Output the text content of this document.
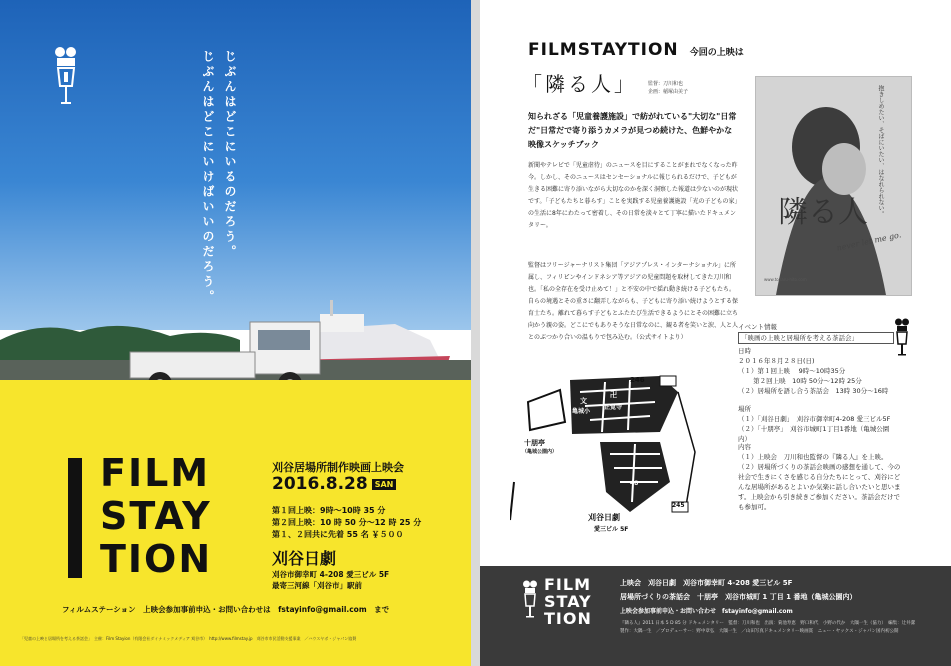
じぶんはどこにいるのだろう。
じぶんはどこにいけばいいのだろう。
FILM
STAY
TION
刈谷居場所制作映画上映会
2016.8.28 SAN
第１回上映：9時～10時 35 分
第２回上映：10 時 50 分～12 時 25 分
第１、２回共に先着 55 名 ￥５００
刈谷日劇
刈谷市御幸町 4-208 愛三ビル 5F
最寄三河線「刈谷市」駅前
フィルムステーション　上映会参加事前申込・お問い合わせは　fstayinfo@gmail.com　まで
「児童の上映と居場所を考える茶話会」　主催：Film Stayion（有限会社ダイナミックメディア 刈谷市）　http://www.filmstay.jp　刈谷市市民活動支援事業　／ハウスヤボ・ジャパン協賛
FILMSTAYTION 今回の上映は
「隣る人」 監督：刀川和也
企画：稲塚由美子
知られざる「児童養護施設」で紡がれている"大切な"日常だ"日常だで寄り添うカメラが見つめ続けた、色鮮やかな映像スケッチブック
新聞やテレビで「児童虐待」のニュースを目にすることがまれでなくなった昨今。しかし、そのニュースはセンセーショナルに報じられるだけで、子どもが生きる困難に寄り添いながら大切なのかを深く洞察した報道は少ないのが現状です。「子どもたちと暮らす」ことを実践する児童養護施設「光の子どもの家」の生活に8年にわたって密着し、その日常を淡々とて丁寧に描いたドキュメンタリー。
監督はフリージャーナリスト集団「アジアプレス・インターナショナル」に所属し、フィリピンやインドネシア等アジアの児童問題を取材してきた刀川和也。「私の全存在を受け止めて！」と不安の中で揺れ動き続ける子どもたち。自らの境遇とその重さに翻弄しながらも、子どもに寄り添い続けようとする保育士たち。離れて暮らす子どもとふたたび生活できるようにとその困難に立ち向かう親の姿。どこにでもありそうな日常なのに、観る者を笑いと涙、人と人とのぶつかり合いの温もりで包み込む。（公式サイトより）
抱きしめたい、そばにいたい、はなれられない。
隣る人
never let me go.
www.tonaru-hito.com
イベント情報
「映画の上映と居場所を考える茶話会」
日時
２０１６年８月２８日(日)
（１）第１回上映　 9時～10時35分
　　 第２回上映　10時 50分～12時 25分
（２）居場所を語し合う茶話会　13時 30分～16時
場所
（１）「刈谷日劇」　刈谷市御幸町4-208 愛三ビル5F
（２）「十朋亭」　刈谷市城町1丁目1番地（亀城公園内）
内容
（１）上映会　刀川和也監督の『隣る人』を上映。
（２）居場所づくりの茶話会映画の感想を通して、今の社会で生きにくさを感じる自分たちにとって、刈谷にどんな居場所があるとよいか気楽に話し合いたいと思います。上映会から引き続きご参加ください。茶話会だけでも参加可。
246
文
亀城小
卍
正覚寺
十朋亭
（亀城公園内）
48
刈谷日劇
愛三ビル 5F
245
FILM
STAY
TION
上映会　刈谷日劇　刈谷市御幸町 4-208 愛三ビル 5F
居場所づくりの茶話会　十朋亭　刈谷市城町 1 丁目 1 番地（亀城公園内）
上映会参加事前申込・お問い合わせ　fstayinfo@gmail.com
『隣る人』2011 日本 5 D 85 分 ドキュメンタリー　監督：刀川和也　出演：菊池寿恵　野口和代　小野の代か　大隅一生（協力）　編集：辻井潔
製作：大隅一生　／プロデューサー：野中章弘　大隅一生　／山田写真ドキュメンタリー映画賞　ニュー・ヤックス・ジャパン国内初公開
